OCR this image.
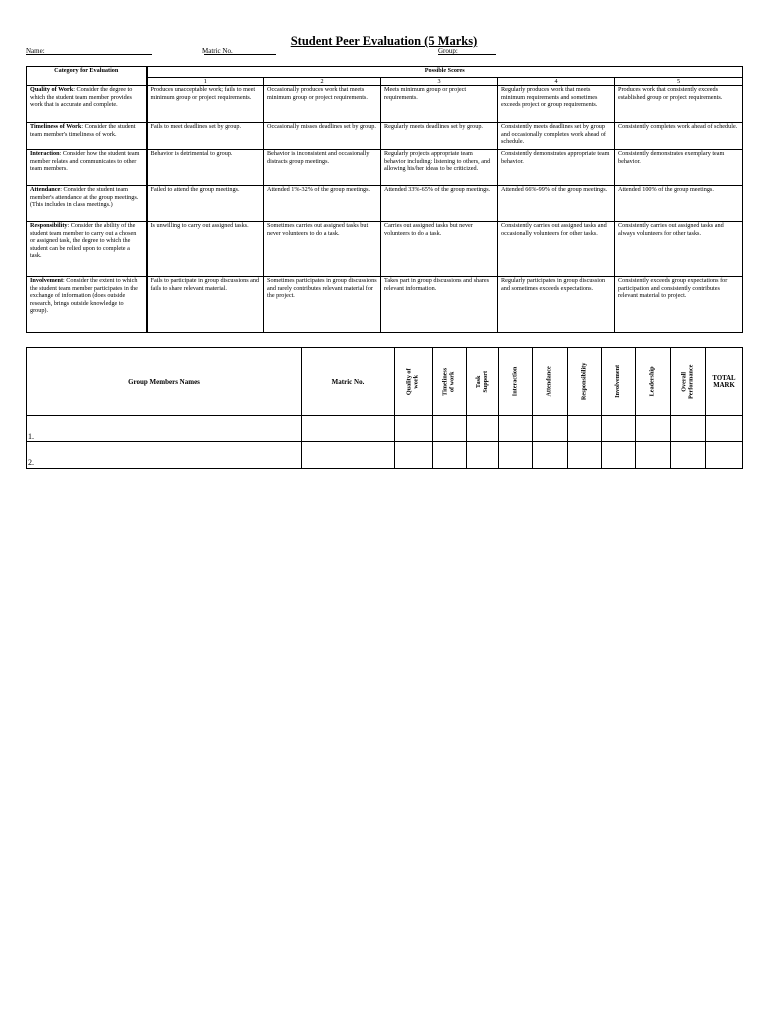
Student Peer Evaluation (5 Marks)
Name:	Matric No.
	Group:
Category for Evaluation	Possible Scores				
	1	2	3	4	5
Quality of Work: Consider the degree to which the student team member provides work that is accurate and complete.	Produces unacceptable work; fails to meet minimum group or project requirements.	Occasionally produces work that meets minimum group or project requirements.	Meets minimum group or project requirements.	Regularly produces work that meets minimum requirements and sometimes exceeds project or group requirements.	Produces work that consistently exceeds established group or project requirements.
Timeliness of Work: Consider the student team member's timeliness of work.	Fails to meet deadlines set by group.	Occasionally misses deadlines set by group.	Regularly meets deadlines set by group.	Consistently meets deadlines set by group and occasionally completes work ahead of schedule.	Consistently completes work ahead of schedule.
Interaction: Consider how the student team member relates and communicates to other team members.	Behavior is detrimental to group.	Behavior is inconsistent and occasionally distracts group meetings.	Regularly projects appropriate team behavior including: listening to others, and allowing his/her ideas to be criticized.	Consistently demonstrates appropriate team behavior.	Consistently demonstrates exemplary team behavior.
Attendance: Consider the student team member's attendance at the group meetings. (This includes in class meetings.)	Failed to attend the group meetings.	Attended 1%-32% of the group meetings.	Attended 33%-65% of the group meetings.	Attended 66%-99% of the group meetings.	Attended 100% of the group meetings.
Responsibility: Consider the ability of the student team member to carry out a chosen or assigned task, the degree to which the student can be relied upon to complete a task.	Is unwilling to carry out assigned tasks.	Sometimes carries out assigned tasks but never volunteers to do a task.	Carries out assigned tasks but never volunteers to do a task.	Consistently carries out assigned tasks and occasionally volunteers for other tasks.	Consistently carries out assigned tasks and always volunteers for other tasks.
Involvement: Consider the extent to which the student team member participates in the exchange of information (does outside research, brings outside knowledge to group).	Fails to participate in group discussions and fails to share relevant material.	Sometimes participates in group discussions and rarely contributes relevant material for the project.	Takes part in group discussions and shares relevant information.	Regularly participates in group discussion and sometimes exceeds expectations.	Consistently exceeds group expectations for participation and consistently contributes relevant material to project.
Group Members Names	Matric No.	Quality of work	Timeliness of work	Task Support	Interaction	Attendance	Responsibility	Involvement	Leadership	Overall Performance	TOTAL MARK
1.											
2.											
